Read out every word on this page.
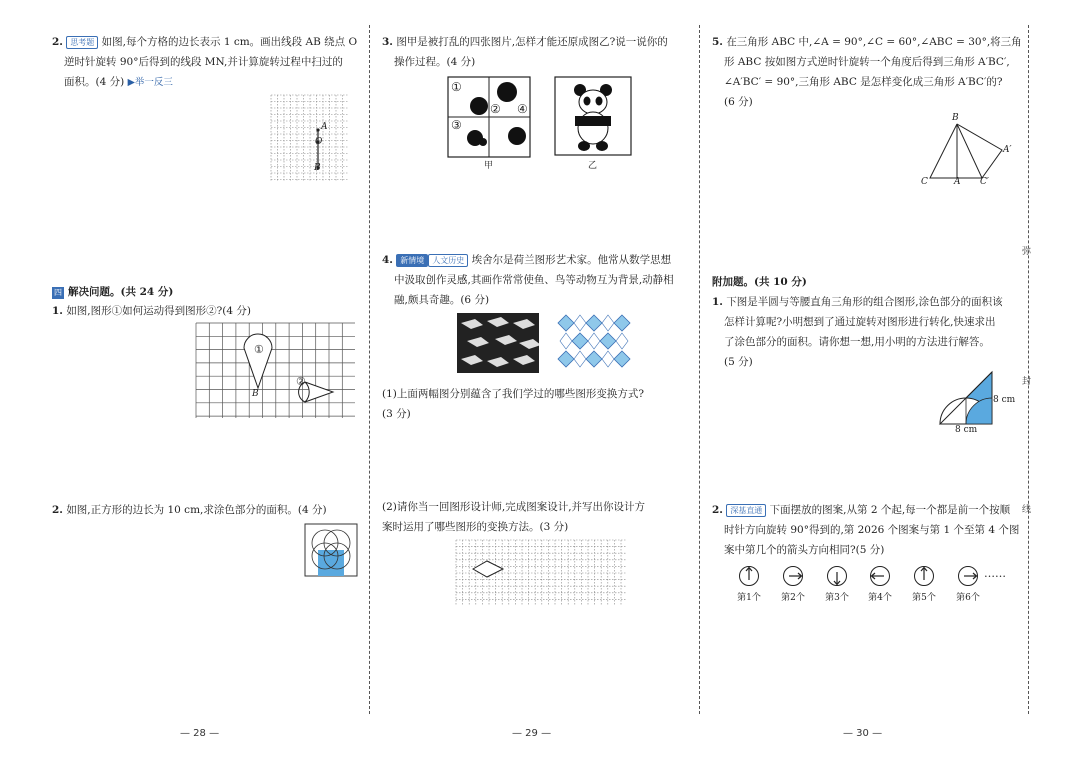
弥
封
线
2. 思考题 如图,每个方格的边长表示 1 cm。画出线段 AB 绕点 O
逆时针旋转 90°后得到的线段 MN,并计算旋转过程中扫过的
面积。(4 分) ▶举一反三
A
O
B
四 解决问题。(共 24 分)
1. 如图,图形①如何运动得到图形②?(4 分)
①
②
B
2. 如图,正方形的边长为 10 cm,求涂色部分的面积。(4 分)
— 28 —
3. 图甲是被打乱的四张图片,怎样才能还原成图乙?说一说你的
操作过程。(4 分)
①
②
③
④
甲	乙
4. 新情境 人文历史 埃舍尔是荷兰图形艺术家。他常从数学思想
中汲取创作灵感,其画作常常使鱼、鸟等动物互为背景,动静相
融,颇具奇趣。(6 分)
(1)上面两幅图分别蕴含了我们学过的哪些图形变换方式?
(3 分)
(2)请你当一回图形设计师,完成图案设计,并写出你设计方
案时运用了哪些图形的变换方法。(3 分)
— 29 —
5. 在三角形 ABC 中,∠A = 90°,∠C = 60°,∠ABC = 30°,将三角
形 ABC 按如图方式逆时针旋转一个角度后得到三角形 A′BC′,
∠A′BC′ = 90°,三角形 ABC 是怎样变化成三角形 A′BC′的?
(6 分)
B
A′
C	A C′
附加题。(共 10 分)
1. 下图是半圆与等腰直角三角形的组合图形,涂色部分的面积该
怎样计算呢?小明想到了通过旋转对图形进行转化,快速求出
了涂色部分的面积。请你想一想,用小明的方法进行解答。
(5 分)
8 cm
8 cm
2. 深基直通 下面摆放的图案,从第 2 个起,每一个都是前一个按顺
时针方向旋转 90°得到的,第 2026 个图案与第 1 个至第 4 个图
案中第几个的箭头方向相同?(5 分)
第1个	第2个	第3个	第4个	第5个	第6个
……
— 30 —
